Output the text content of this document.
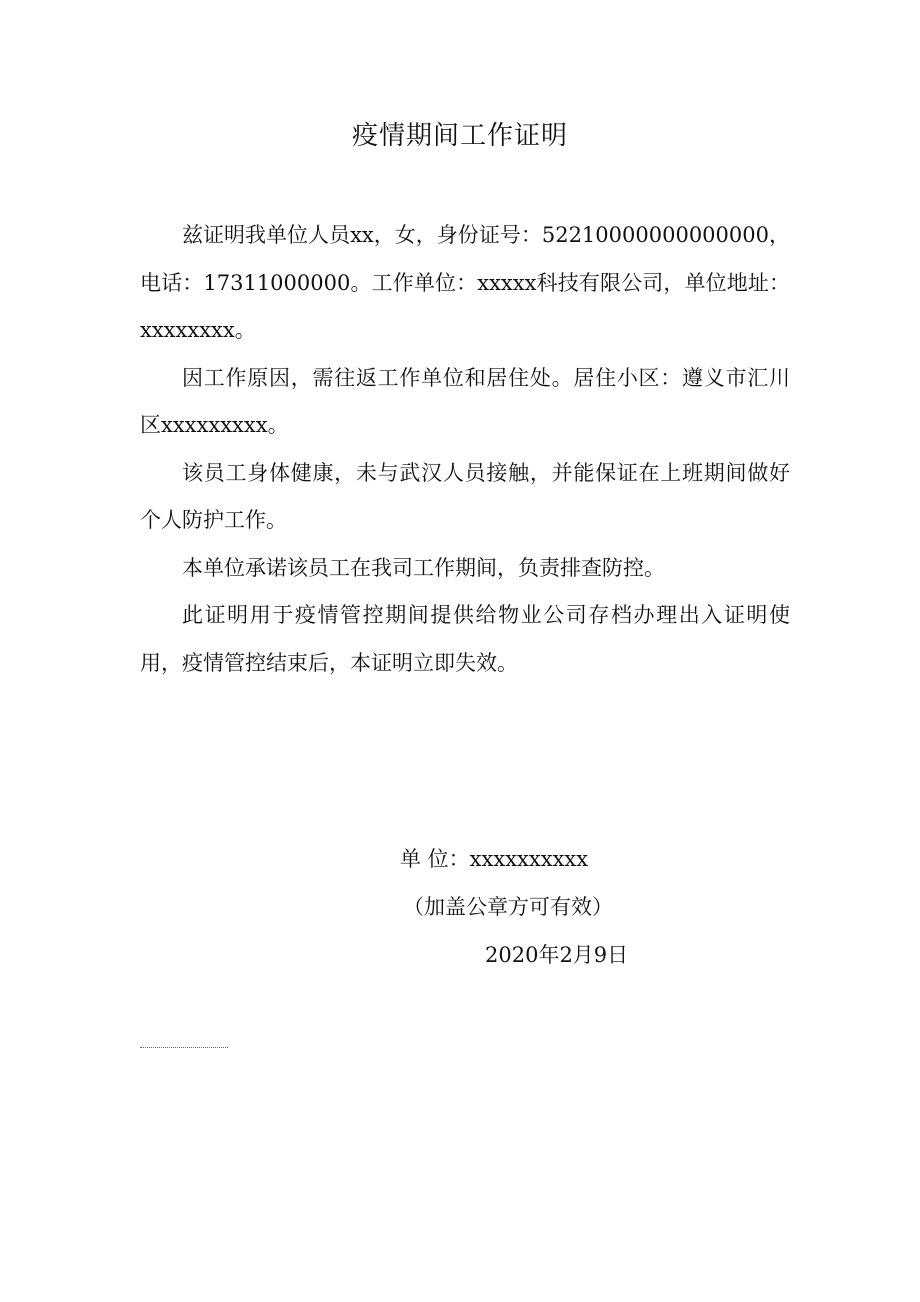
疫情期间工作证明

兹证明我单位人员xx，女，身份证号：52210000000000000，电话：17311000000。工作单位：xxxxx科技有限公司，单位地址：xxxxxxxx。

因工作原因，需往返工作单位和居住处。居住小区：遵义市汇川区xxxxxxxxx。

该员工身体健康，未与武汉人员接触，并能保证在上班期间做好个人防护工作。

本单位承诺该员工在我司工作期间，负责排查防控。

此证明用于疫情管控期间提供给物业公司存档办理出入证明使用，疫情管控结束后，本证明立即失效。

单 位：xxxxxxxxxx
（加盖公章方可有效）
2020年2月9日
